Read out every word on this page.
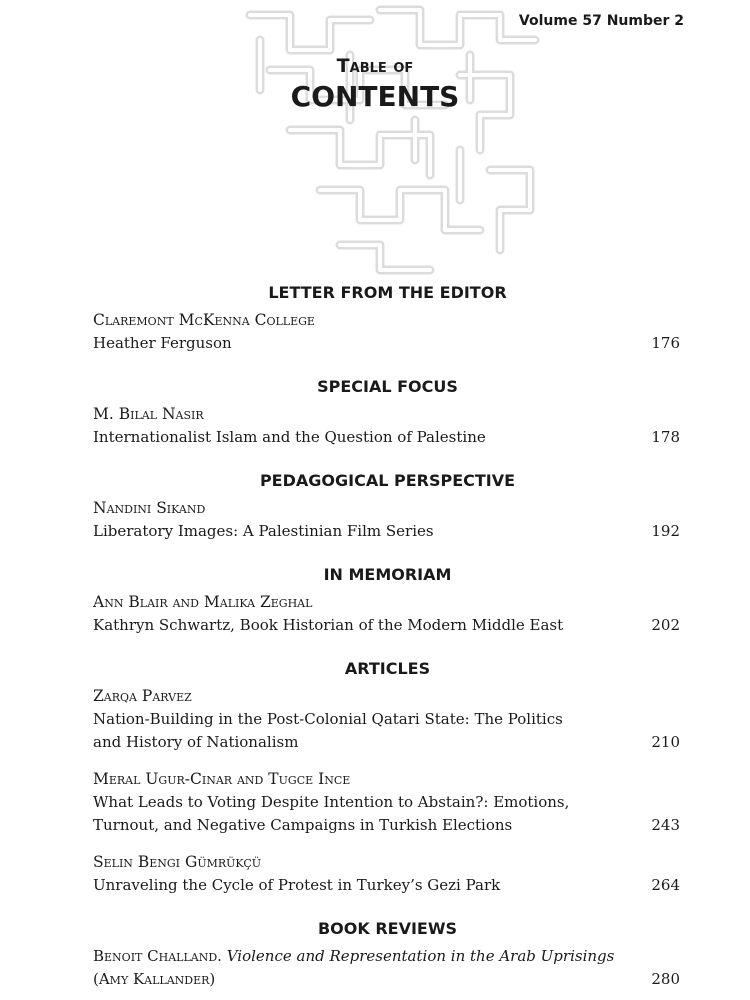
Volume 57 Number 2
Table of
CONTENTS
LETTER FROM THE EDITOR
Claremont McKenna College
Heather Ferguson	176
SPECIAL FOCUS
M. Bilal Nasir
Internationalist Islam and the Question of Palestine	178
PEDAGOGICAL PERSPECTIVE
Nandini Sikand
Liberatory Images: A Palestinian Film Series	192
IN MEMORIAM
Ann Blair and Malika Zeghal
Kathryn Schwartz, Book Historian of the Modern Middle East	202
ARTICLES
Zarqa Parvez
Nation-Building in the Post-Colonial Qatari State: The Politics
and History of Nationalism	210
Meral Ugur-Cinar and Tugce Ince
What Leads to Voting Despite Intention to Abstain?: Emotions,
Turnout, and Negative Campaigns in Turkish Elections	243
Selin Bengi Gümrükçü
Unraveling the Cycle of Protest in Turkey’s Gezi Park	264
BOOK REVIEWS
Benoit Challand. Violence and Representation in the Arab Uprisings
(Amy Kallander)	280
